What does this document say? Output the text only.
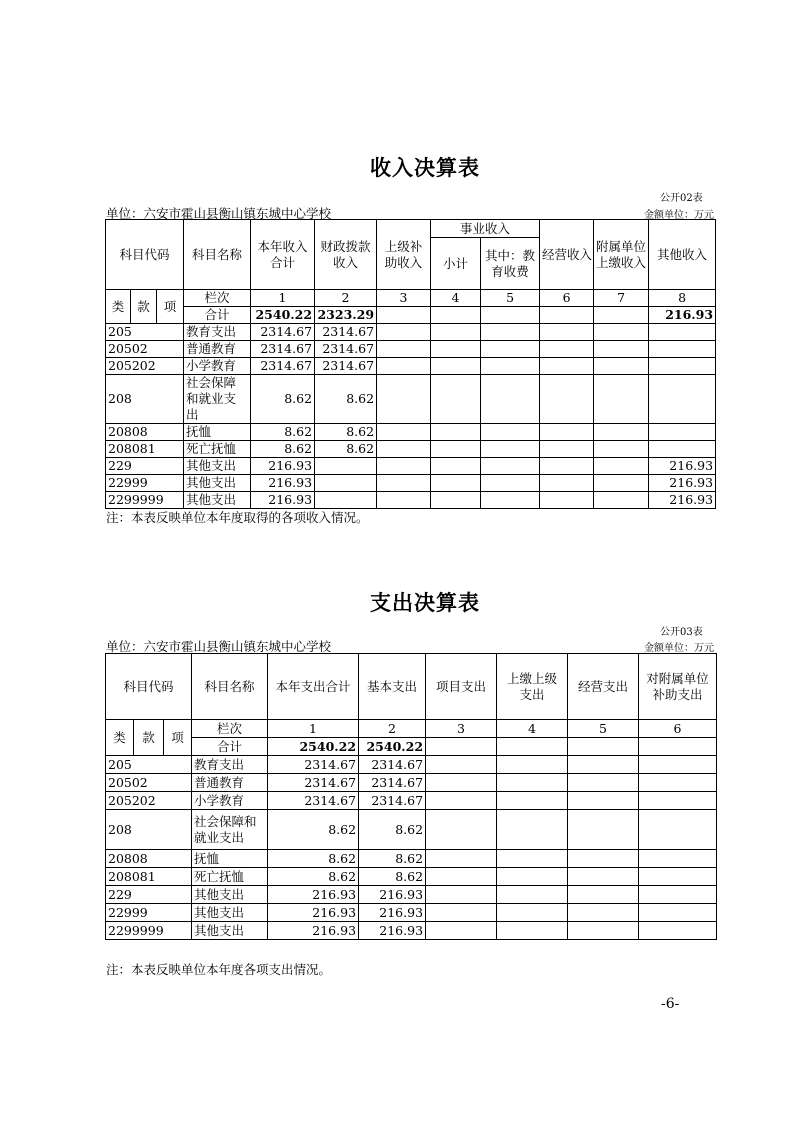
收入决算表
公开02表
单位：六安市霍山县衡山镇东城中心学校	金额单位：万元
科目代码			科目名称	本年收入合计	财政拨款收入	上级补助收入	事业收入		经营收入	附属单位上缴收入	其他收入
							小计	其中：教育收费			

类	款	项	栏次	1	2	3	4	5	6	7	8
			合计	2540.22	2323.29						216.93
205			教育支出	2314.67	2314.67						
20502			普通教育	2314.67	2314.67						
205202			小学教育	2314.67	2314.67						
208			社会保障和就业支出	8.62	8.62						
20808			抚恤	8.62	8.62						
208081			死亡抚恤	8.62	8.62						
229			其他支出	216.93							216.93
22999			其他支出	216.93							216.93
2299999			其他支出	216.93							216.93
注：本表反映单位本年度取得的各项收入情况。
支出决算表
公开03表
单位：六安市霍山县衡山镇东城中心学校	金额单位：万元
科目代码			科目名称	本年支出合计	基本支出	项目支出	上缴上级支出	经营支出	对附属单位补助支出
类	款	项	栏次	1	2	3	4	5	6
			合计	2540.22	2540.22				
205			教育支出	2314.67	2314.67				
20502			普通教育	2314.67	2314.67				
205202			小学教育	2314.67	2314.67				
208			社会保障和就业支出	8.62	8.62				
20808			抚恤	8.62	8.62				
208081			死亡抚恤	8.62	8.62				
229			其他支出	216.93	216.93				
22999			其他支出	216.93	216.93				
2299999			其他支出	216.93	216.93				
注：本表反映单位本年度各项支出情况。
-6-
